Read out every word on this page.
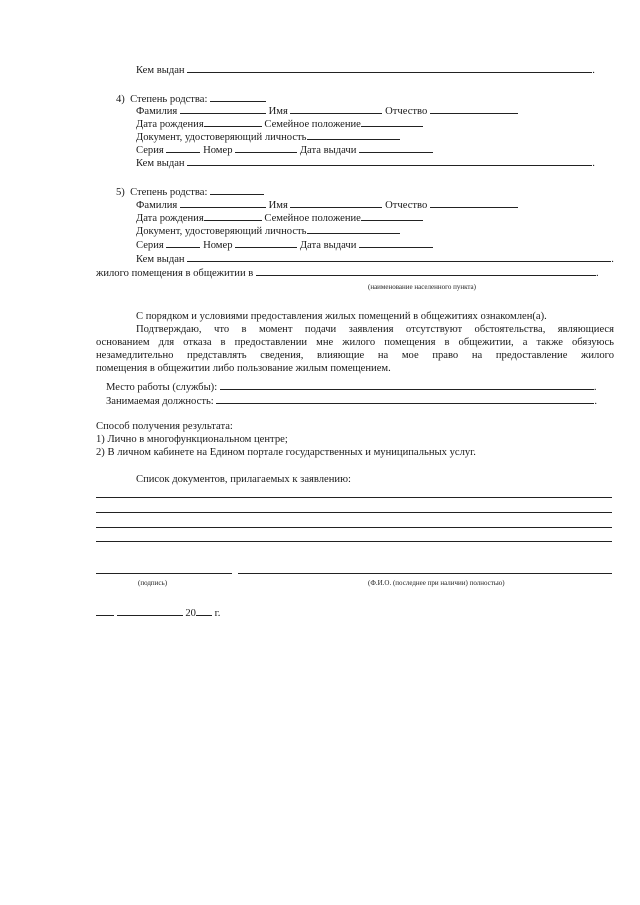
Кем выдан	.
4) Степень родства:
Фамилия	Имя	Отчество
Дата рождения	Семейное положение
Документ, удостоверяющий личность
Серия	Номер	Дата выдачи
Кем выдан	.
5) Степень родства:
Фамилия	Имя	Отчество
Дата рождения	Семейное положение
Документ, удостоверяющий личность
Серия	Номер	Дата выдачи
Кем выдан	.
жилого помещения в общежитии в	.
(наименование населенного пункта)
С порядком и условиями предоставления жилых помещений в общежитиях ознакомлен(а).
Подтверждаю, что в момент подачи заявления отсутствуют обстоятельства, являющиеся
основанием для отказа в предоставлении мне жилого помещения в общежитии, а также обязуюсь
незамедлительно представлять сведения, влияющие на мое право на предоставление жилого
помещения в общежитии либо пользование жилым помещением.
Место работы (службы):	.
Занимаемая должность:	.
Способ получения результата:
1) Лично в многофункциональном центре;
2) В личном кабинете на Едином портале государственных и муниципальных услуг.
Список документов, прилагаемых к заявлению:
(подпись)	(Ф.И.О. (последнее при наличии) полностью)
20 г.
